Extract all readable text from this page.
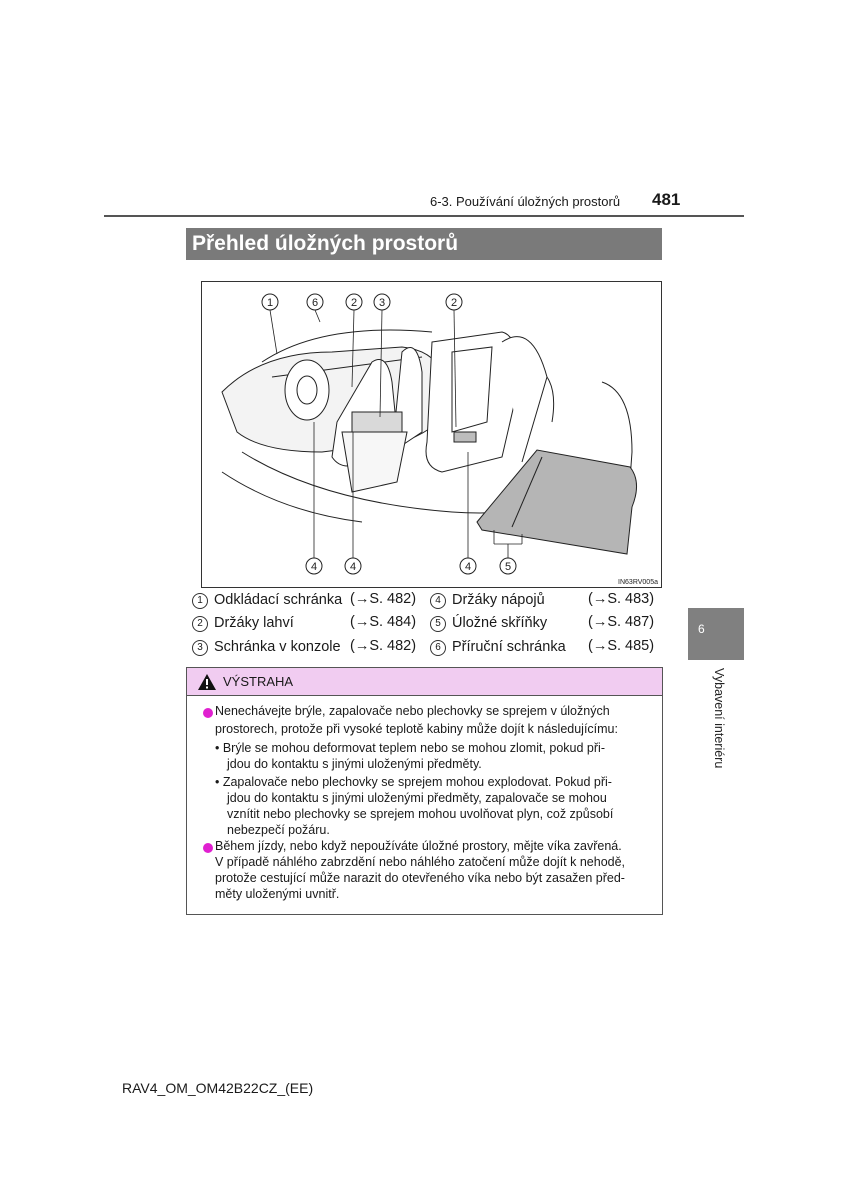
6-3. Používání úložných prostorů 481
Přehled úložných prostorů
1	6	2 3	2
4	4	4	5
IN63RV005a
1 Odkládací schránka (→S. 482)
2 Držáky lahví	(→S. 484)
3 Schránka v konzole (→S. 482)
4 Držáky nápojů	(→S. 483)
5 Úložné skříňky	(→S. 487)
6 Příruční schránka (→S. 485)
6
Vybavení interiéru
VÝSTRAHA
Nenechávejte brýle, zapalovače nebo plechovky se sprejem v úložných
prostorech, protože při vysoké teplotě kabiny může dojít k následujícímu:
• Brýle se mohou deformovat teplem nebo se mohou zlomit, pokud při-
jdou do kontaktu s jinými uloženými předměty.
• Zapalovače nebo plechovky se sprejem mohou explodovat. Pokud při-
jdou do kontaktu s jinými uloženými předměty, zapalovače se mohou
vznítit nebo plechovky se sprejem mohou uvolňovat plyn, což způsobí
nebezpečí požáru.
Během jízdy, nebo když nepoužíváte úložné prostory, mějte víka zavřená.
V případě náhlého zabrzdění nebo náhlého zatočení může dojít k nehodě,
protože cestující může narazit do otevřeného víka nebo být zasažen před-
měty uloženými uvnitř.
RAV4_OM_OM42B22CZ_(EE)
